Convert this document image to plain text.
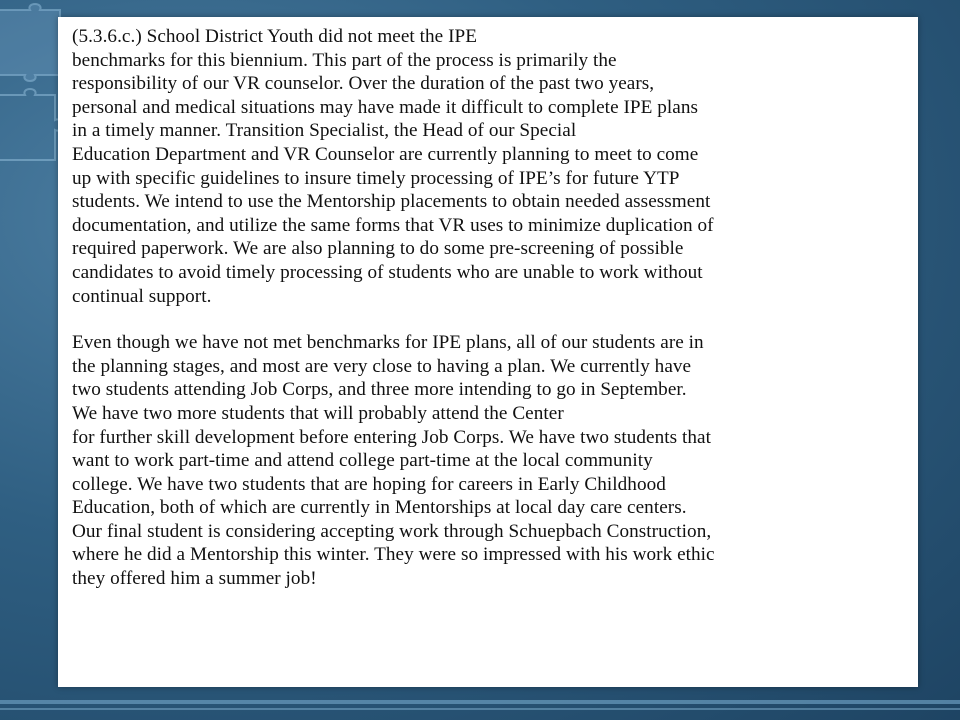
(5.3.6.c.) School District Youth did not meet the IPE
benchmarks for this biennium. This part of the process is primarily the
responsibility of our VR counselor. Over the duration of the past two years,
personal and medical situations may have made it difficult to complete IPE plans
in a timely manner. Transition Specialist, the Head of our Special
Education Department and VR Counselor are currently planning to meet to come
up with specific guidelines to insure timely processing of IPE’s for future YTP
students. We intend to use the Mentorship placements to obtain needed assessment
documentation, and utilize the same forms that VR uses to minimize duplication of
required paperwork. We are also planning to do some pre-screening of possible
candidates to avoid timely processing of students who are unable to work without
continual support.

Even though we have not met benchmarks for IPE plans, all of our students are in
the planning stages, and most are very close to having a plan. We currently have
two students attending Job Corps, and three more intending to go in September.
We have two more students that will probably attend the Center
for further skill development before entering Job Corps. We have two students that
want to work part-time and attend college part-time at the local community
college. We have two students that are hoping for careers in Early Childhood
Education, both of which are currently in Mentorships at local day care centers.
Our final student is considering accepting work through Schuepbach Construction,
where he did a Mentorship this winter. They were so impressed with his work ethic
they offered him a summer job!
